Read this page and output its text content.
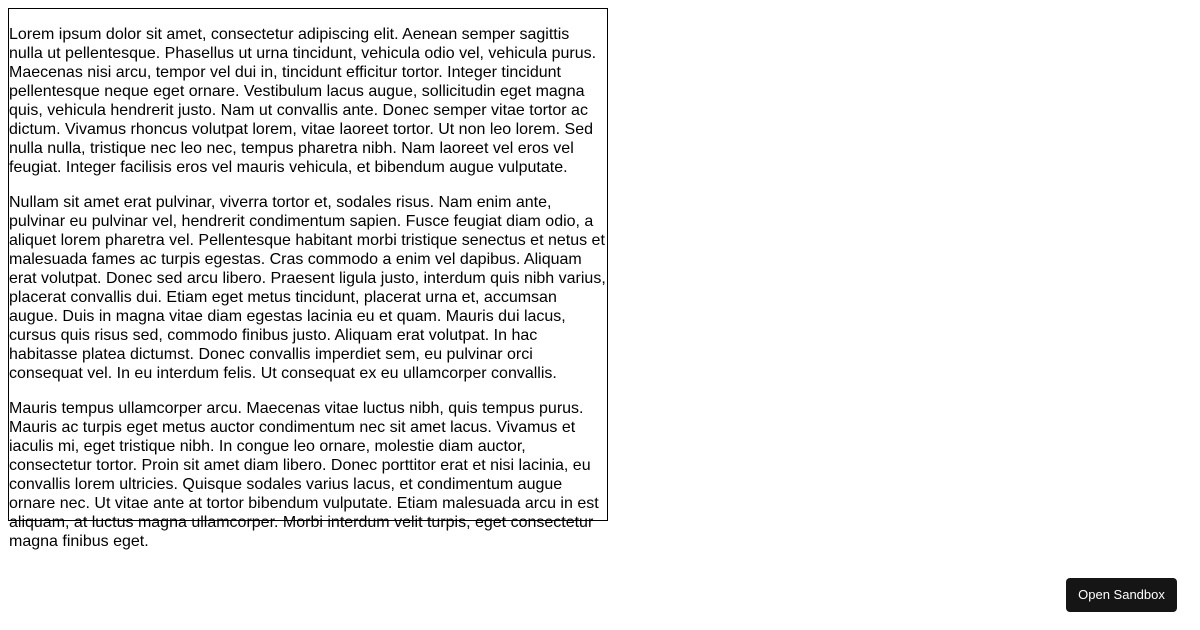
Lorem ipsum dolor sit amet, consectetur adipiscing elit. Aenean semper sagittis nulla ut pellentesque. Phasellus ut urna tincidunt, vehicula odio vel, vehicula purus. Maecenas nisi arcu, tempor vel dui in, tincidunt efficitur tortor. Integer tincidunt pellentesque neque eget ornare. Vestibulum lacus augue, sollicitudin eget magna quis, vehicula hendrerit justo. Nam ut convallis ante. Donec semper vitae tortor ac dictum. Vivamus rhoncus volutpat lorem, vitae laoreet tortor. Ut non leo lorem. Sed nulla nulla, tristique nec leo nec, tempus pharetra nibh. Nam laoreet vel eros vel feugiat. Integer facilisis eros vel mauris vehicula, et bibendum augue vulputate.

Nullam sit amet erat pulvinar, viverra tortor et, sodales risus. Nam enim ante, pulvinar eu pulvinar vel, hendrerit condimentum sapien. Fusce feugiat diam odio, a aliquet lorem pharetra vel. Pellentesque habitant morbi tristique senectus et netus et malesuada fames ac turpis egestas. Cras commodo a enim vel dapibus. Aliquam erat volutpat. Donec sed arcu libero. Praesent ligula justo, interdum quis nibh varius, placerat convallis dui. Etiam eget metus tincidunt, placerat urna et, accumsan augue. Duis in magna vitae diam egestas lacinia eu et quam. Mauris dui lacus, cursus quis risus sed, commodo finibus justo. Aliquam erat volutpat. In hac habitasse platea dictumst. Donec convallis imperdiet sem, eu pulvinar orci consequat vel. In eu interdum felis. Ut consequat ex eu ullamcorper convallis.

Mauris tempus ullamcorper arcu. Maecenas vitae luctus nibh, quis tempus purus. Mauris ac turpis eget metus auctor condimentum nec sit amet lacus. Vivamus et iaculis mi, eget tristique nibh. In congue leo ornare, molestie diam auctor, consectetur tortor. Proin sit amet diam libero. Donec porttitor erat et nisi lacinia, eu convallis lorem ultricies. Quisque sodales varius lacus, et condimentum augue ornare nec. Ut vitae ante at tortor bibendum vulputate. Etiam malesuada arcu in est aliquam, at luctus magna ullamcorper. Morbi interdum velit turpis, eget consectetur magna finibus eget.

Open Sandbox
